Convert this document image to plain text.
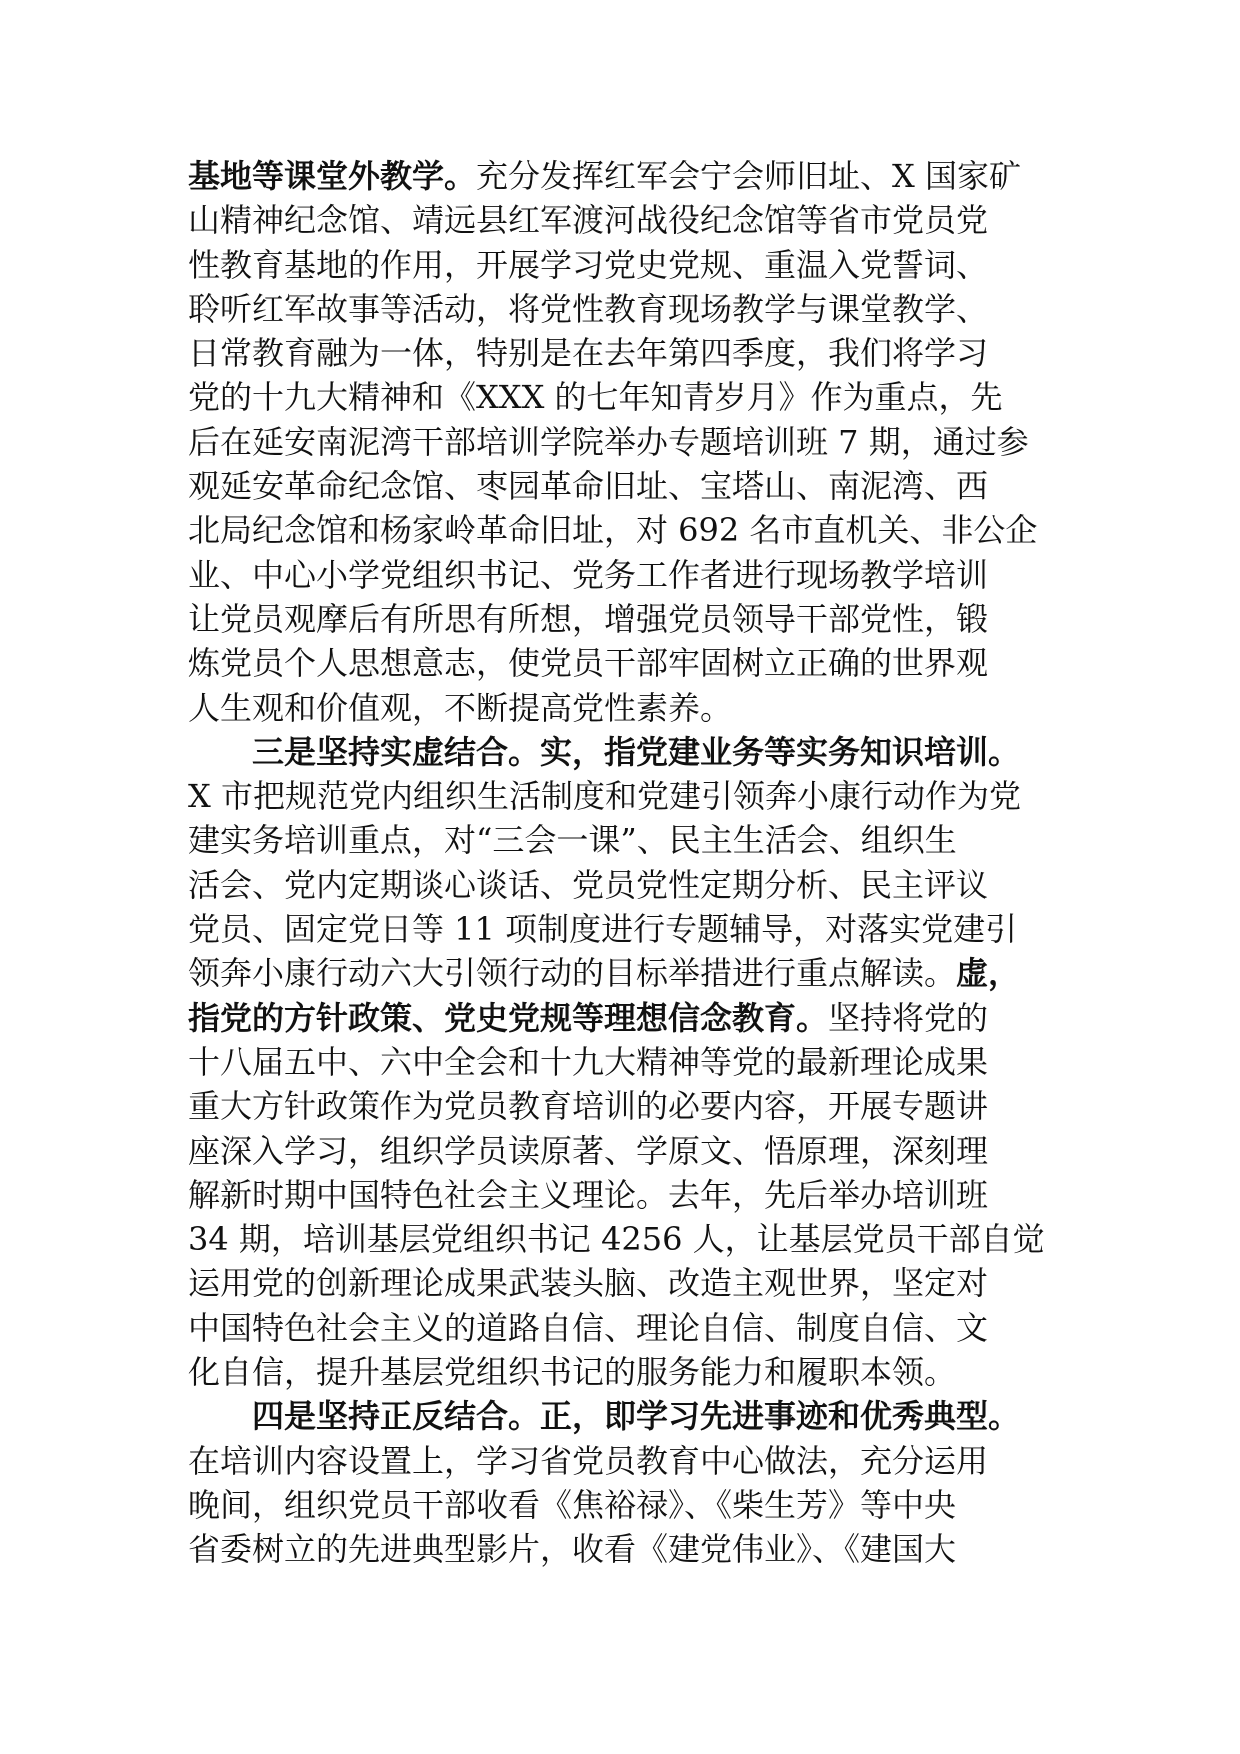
基地等课堂外教学。充分发挥红军会宁会师旧址、X 国家矿
山精神纪念馆、靖远县红军渡河战役纪念馆等省市党员党
性教育基地的作用，开展学习党史党规、重温入党誓词、
聆听红军故事等活动，将党性教育现场教学与课堂教学、
日常教育融为一体，特别是在去年第四季度，我们将学习
党的十九大精神和《XXX 的七年知青岁月》作为重点，先
后在延安南泥湾干部培训学院举办专题培训班 7 期，通过参
观延安革命纪念馆、枣园革命旧址、宝塔山、南泥湾、西
北局纪念馆和杨家岭革命旧址，对 692 名市直机关、非公企
业、中心小学党组织书记、党务工作者进行现场教学培训
让党员观摩后有所思有所想，增强党员领导干部党性，锻
炼党员个人思想意志，使党员干部牢固树立正确的世界观
人生观和价值观，不断提高党性素养。
三是坚持实虚结合。实，指党建业务等实务知识培训。
X 市把规范党内组织生活制度和党建引领奔小康行动作为党
建实务培训重点，对“三会一课”、民主生活会、组织生
活会、党内定期谈心谈话、党员党性定期分析、民主评议
党员、固定党日等 11 项制度进行专题辅导，对落实党建引
领奔小康行动六大引领行动的目标举措进行重点解读。虚，
指党的方针政策、党史党规等理想信念教育。坚持将党的
十八届五中、六中全会和十九大精神等党的最新理论成果
重大方针政策作为党员教育培训的必要内容，开展专题讲
座深入学习，组织学员读原著、学原文、悟原理，深刻理
解新时期中国特色社会主义理论。去年，先后举办培训班
34 期，培训基层党组织书记 4256 人，让基层党员干部自觉
运用党的创新理论成果武装头脑、改造主观世界，坚定对
中国特色社会主义的道路自信、理论自信、制度自信、文
化自信，提升基层党组织书记的服务能力和履职本领。
四是坚持正反结合。正，即学习先进事迹和优秀典型。
在培训内容设置上，学习省党员教育中心做法，充分运用
晚间，组织党员干部收看《焦裕禄》、《柴生芳》等中央
省委树立的先进典型影片，收看《建党伟业》、《建国大
